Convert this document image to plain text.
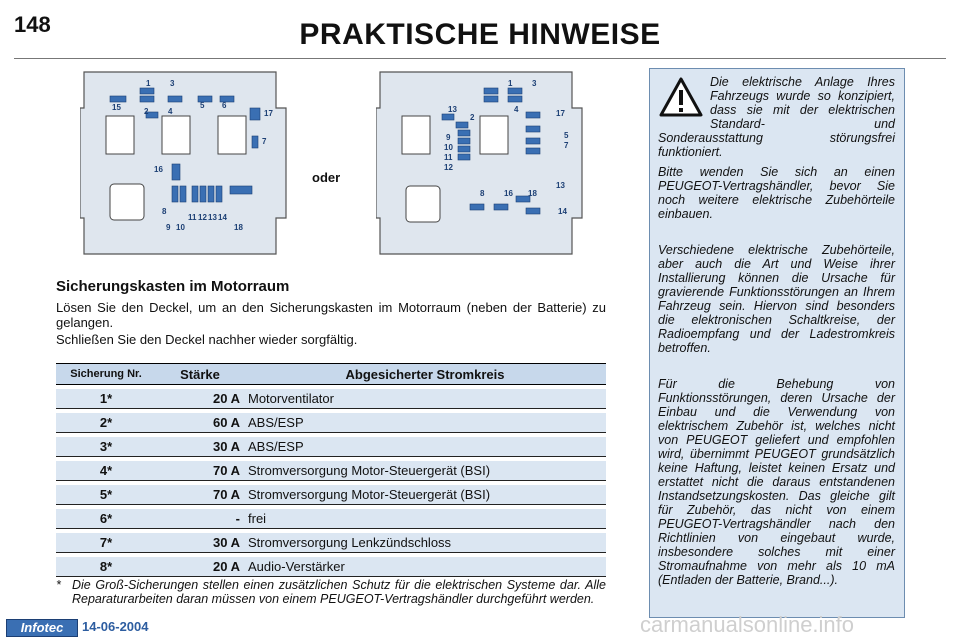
148	PRAKTISCHE HINWEISE
1 3
15	2 4
5 6
17
7
16
8
9 10
11 12 13 14
18
oder
1 3
13
2
4	17
5
7
9
10
11
12
8 16 18
13
14
Sicherungskasten im Motorraum
Lösen Sie den Deckel, um an den Sicherungskasten im Motorraum (neben der Batterie) zu gelangen.
Schließen Sie den Deckel nachher wieder sorgfältig.
Sicherung Nr.	Stärke	Abgesicherter Stromkreis
1*	20 A	Motorventilator
2*	60 A	ABS/ESP
3*	30 A	ABS/ESP
4*	70 A	Stromversorgung Motor-Steuergerät (BSI)
5*	70 A	Stromversorgung Motor-Steuergerät (BSI)
6*	-	frei
7*	30 A	Stromversorgung Lenkzündschloss
8*	20 A	Audio-Verstärker
* Die Groß-Sicherungen stellen einen zusätzlichen Schutz für die elektrischen Systeme dar. Alle Reparaturarbeiten daran müssen von einem PEUGEOT-Vertragshändler durchgeführt werden.

Die elektrische Anlage Ihres Fahrzeugs wurde so konzipiert, dass sie mit der elektrischen Standard- und Sonderausstattung störungsfrei funktioniert.

Bitte wenden Sie sich an einen PEUGEOT-Vertragshändler, bevor Sie noch weitere elektrische Zubehörteile einbauen.

Verschiedene elektrische Zubehörteile, aber auch die Art und Weise ihrer Installierung können die Ursache für gravierende Funktionsstörungen an Ihrem Fahrzeug sein. Hiervon sind besonders die elektronischen Schaltkreise, der Radioempfang und der Ladestromkreis betroffen.

Für die Behebung von Funktionsstörungen, deren Ursache der Einbau und die Verwendung von elektrischem Zubehör ist, welches nicht von PEUGEOT geliefert und empfohlen wird, übernimmt PEUGEOT grundsätzlich keine Haftung, leistet keinen Ersatz und erstattet nicht die daraus entstandenen Instandsetzungskosten. Das gleiche gilt für Zubehör, das nicht von einem PEUGEOT-Vertragshändler nach den Richtlinien von eingebaut wurde, insbesondere solches mit einer Stromaufnahme von mehr als 10 mA (Entladen der Batterie, Brand...).

Infotec	14-06-2004	carmanualsonline.info
